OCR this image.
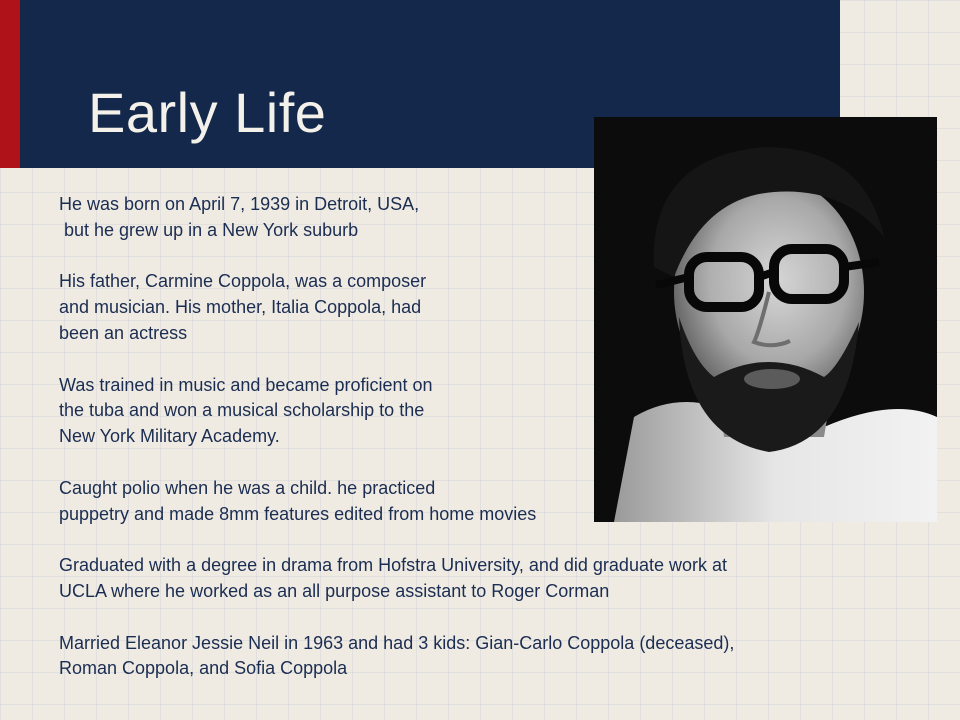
Early Life

He was born on April 7, 1939 in Detroit, USA,
but he grew up in a New York suburb

His father, Carmine Coppola, was a composer
and musician. His mother, Italia Coppola, had
been an actress

Was trained in music and became proficient on
the tuba and won a musical scholarship to the
New York Military Academy.

Caught polio when he was a child. he practiced
puppetry and made 8mm features edited from home movies

Graduated with a degree in drama from Hofstra University, and did graduate work at
UCLA where he worked as an all purpose assistant to Roger Corman

Married Eleanor Jessie Neil in 1963 and had 3 kids: Gian-Carlo Coppola (deceased),
Roman Coppola, and Sofia Coppola
